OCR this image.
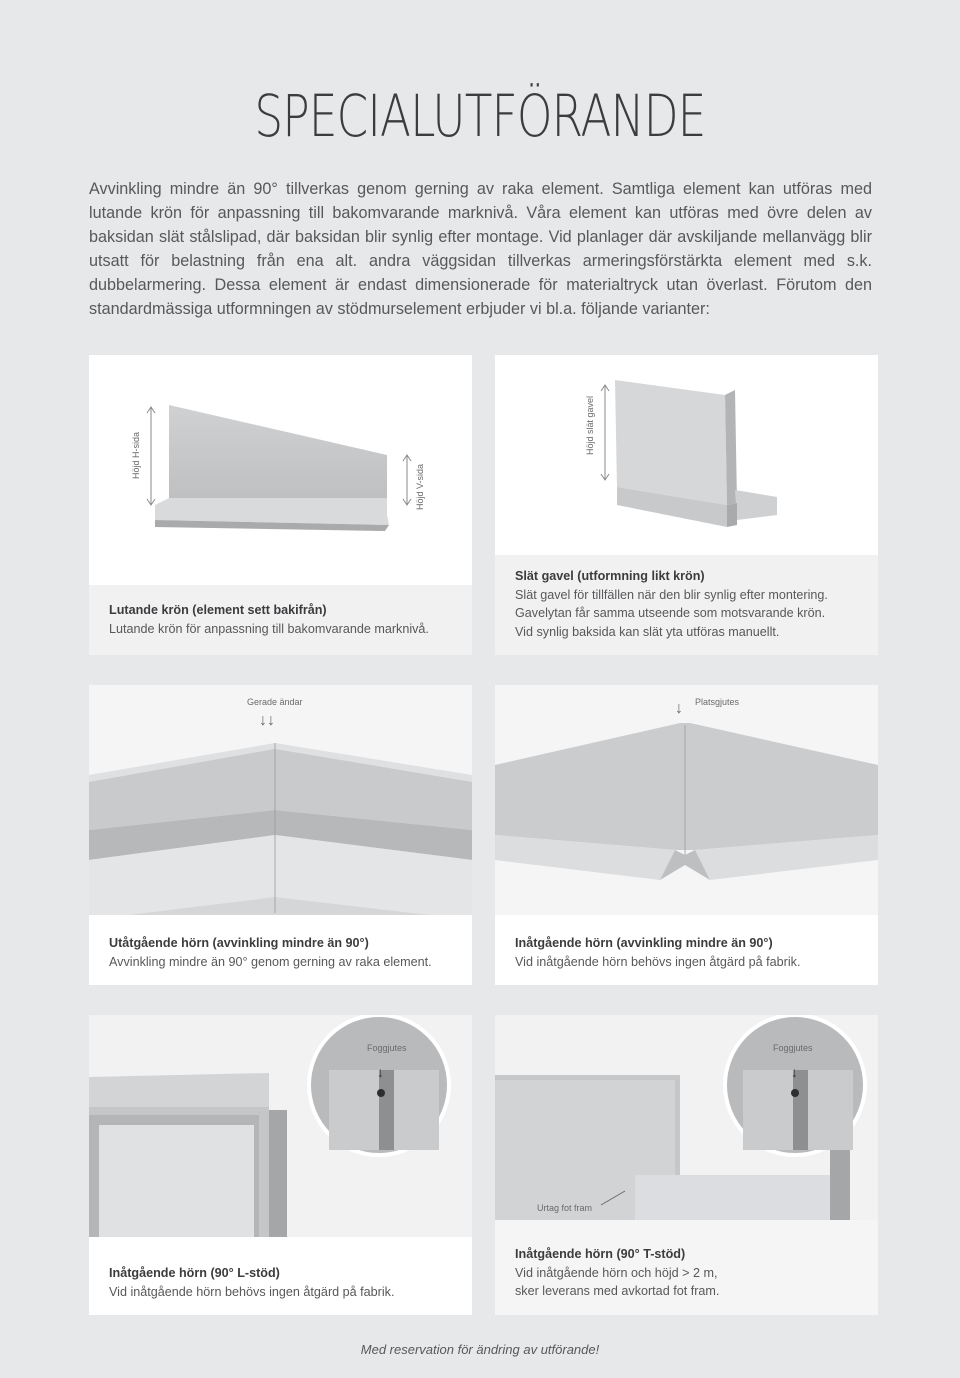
SPECIALUTFÖRANDE

Avvinkling mindre än 90° tillverkas genom gerning av raka element. Samtliga element kan utföras med lutande krön för anpassning till bakomvarande marknivå. Våra element kan utföras med övre delen av baksidan slät stålslipad, där baksidan blir synlig efter montage. Vid planlager där avskiljande mellanvägg blir utsatt för belastning från ena alt. andra väggsidan tillverkas armeringsförstärkta element med s.k. dubbelarmering. Dessa element är endast dimensionerade för materialtryck utan överlast. Förutom den standardmässiga utformningen av stödmurselement erbjuder vi bl.a. följande varianter:

Höjd H-sida
Höjd V-sida
Lutande krön (element sett bakifrån)
Lutande krön för anpassning till bakomvarande marknivå.
Höjd slät gavel
Slät gavel (utformning likt krön)
Slät gavel för tillfällen när den blir synlig efter montering.
Gavelytan får samma utseende som motsvarande krön.
Vid synlig baksida kan slät yta utföras manuellt.
Gerade ändar
↓↓
Utåtgående hörn (avvinkling mindre än 90°)
Avvinkling mindre än 90° genom gerning av raka element.
Platsgjutes
↓
Inåtgående hörn (avvinkling mindre än 90°)
Vid inåtgående hörn behövs ingen åtgärd på fabrik.
Foggjutes
↓
Inåtgående hörn (90° L-stöd)
Vid inåtgående hörn behövs ingen åtgärd på fabrik.
Foggjutes
↓
Urtag fot fram
Inåtgående hörn (90° T-stöd)
Vid inåtgående hörn och höjd > 2 m,
sker leverans med avkortad fot fram.
Med reservation för ändring av utförande!
